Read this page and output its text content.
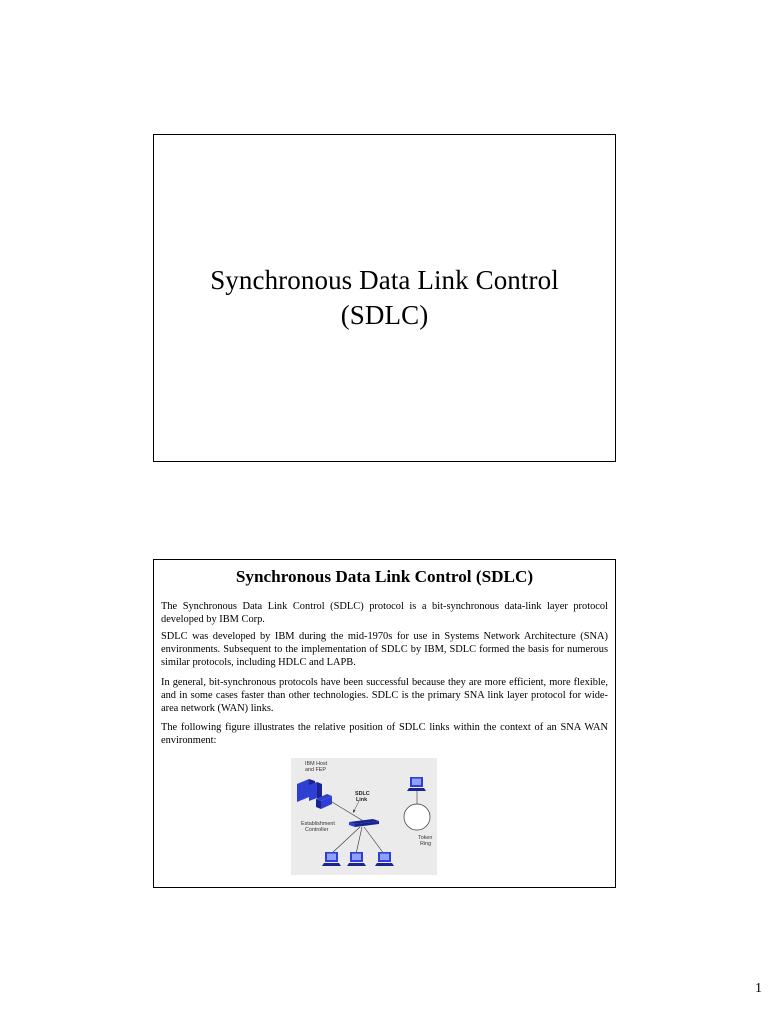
Synchronous Data Link Control
(SDLC)
Synchronous Data Link Control (SDLC)

The Synchronous Data Link Control (SDLC) protocol is a bit-synchronous data-link layer protocol developed by IBM Corp.

SDLC was developed by IBM during the mid-1970s for use in Systems Network Architecture (SNA) environments. Subsequent to the implementation of SDLC by IBM, SDLC formed the basis for numerous similar protocols, including HDLC and LAPB.

In general, bit-synchronous protocols have been successful because they are more efficient, more flexible, and in some cases faster than other technologies. SDLC is the primary SNA link layer protocol for wide-area network (WAN) links.

The following figure illustrates the relative position of SDLC links within the context of an SNA WAN environment:

IBM Host
and FEP
SDLC
Link
Establishment
Controller
Token
Ring
1
